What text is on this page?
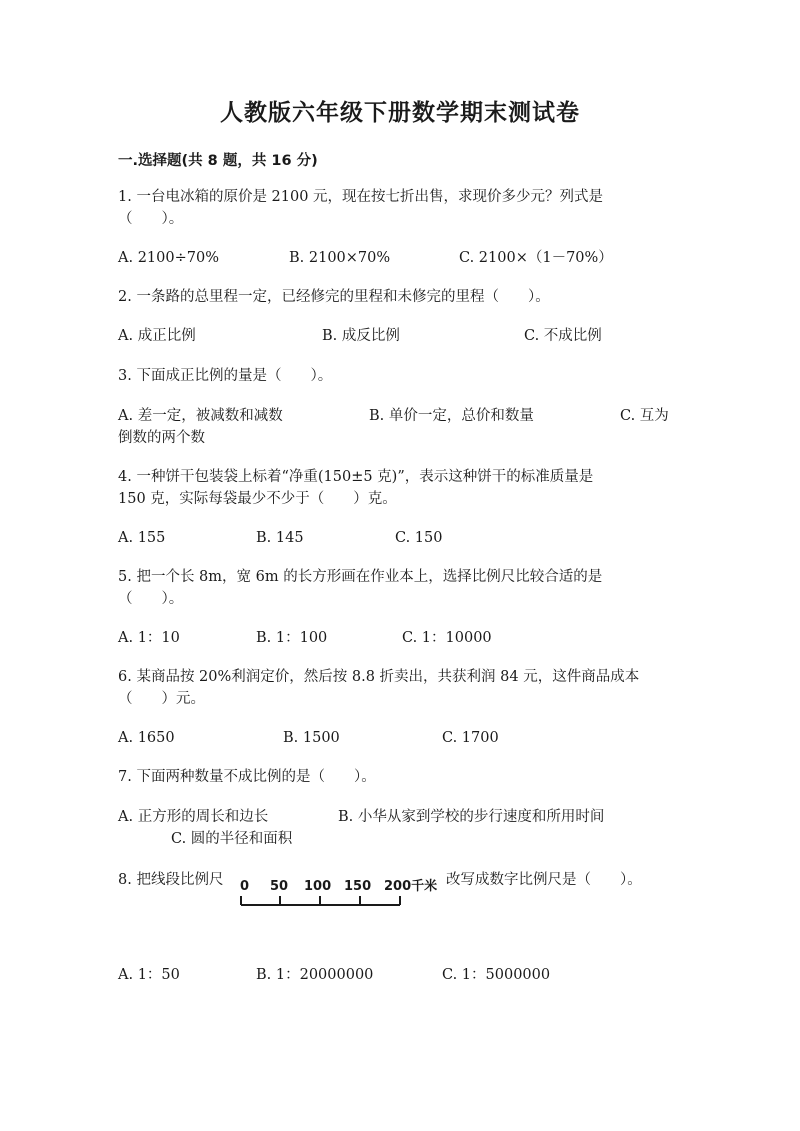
人教版六年级下册数学期末测试卷
一.选择题(共 8 题，共 16 分)
1. 一台电冰箱的原价是 2100 元，现在按七折出售，求现价多少元？列式是
（　　）。
A. 2100÷70%	B. 2100×70%	C. 2100×（1－70%）
2. 一条路的总里程一定，已经修完的里程和未修完的里程（　　）。
A. 成正比例	B. 成反比例	C. 不成比例
3. 下面成正比例的量是（　　）。
A. 差一定，被减数和减数	B. 单价一定，总价和数量	C. 互为
倒数的两个数
4. 一种饼干包装袋上标着“净重(150±5 克)”，表示这种饼干的标准质量是
150 克，实际每袋最少不少于（　　）克。
A. 155	B. 145	C. 150
5. 把一个长 8m，宽 6m 的长方形画在作业本上，选择比例尺比较合适的是
（　　）。
A. 1：10	B. 1：100	C. 1：10000
6. 某商品按 20%利润定价，然后按 8.8 折卖出，共获利润 84 元，这件商品成本
（　　）元。
A. 1650	B. 1500	C. 1700
7. 下面两种数量不成比例的是（　　）。
A. 正方形的周长和边长	B. 小华从家到学校的步行速度和所用时间
C. 圆的半径和面积
8. 把线段比例尺 0 50 100 150 200千米 改写成数字比例尺是（　　）。
A. 1：50	B. 1：20000000	C. 1：5000000
